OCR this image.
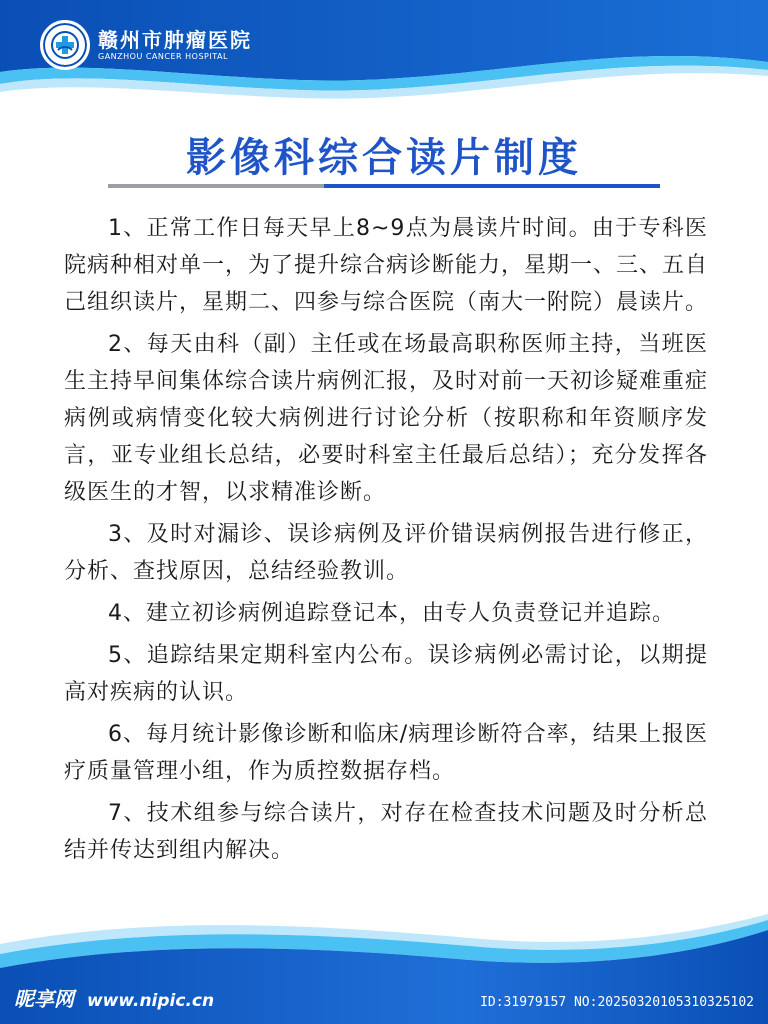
赣州市肿瘤医院
GANZHOU CANCER HOSPITAL
影像科综合读片制度

1、正常工作日每天早上8~9点为晨读片时间。由于专科医院病种相对单一，为了提升综合病诊断能力，星期一、三、五自己组织读片，星期二、四参与综合医院（南大一附院）晨读片。

2、每天由科（副）主任或在场最高职称医师主持，当班医生主持早间集体综合读片病例汇报，及时对前一天初诊疑难重症病例或病情变化较大病例进行讨论分析（按职称和年资顺序发言，亚专业组长总结，必要时科室主任最后总结）；充分发挥各级医生的才智，以求精准诊断。

3、及时对漏诊、误诊病例及评价错误病例报告进行修正，分析、查找原因，总结经验教训。

4、建立初诊病例追踪登记本，由专人负责登记并追踪。

5、追踪结果定期科室内公布。误诊病例必需讨论，以期提高对疾病的认识。

6、每月统计影像诊断和临床/病理诊断符合率，结果上报医疗质量管理小组，作为质控数据存档。

7、技术组参与综合读片，对存在检查技术问题及时分析总结并传达到组内解决。

昵享网 www.nipic.cn	ID:31979157 NO:20250320105310325102
